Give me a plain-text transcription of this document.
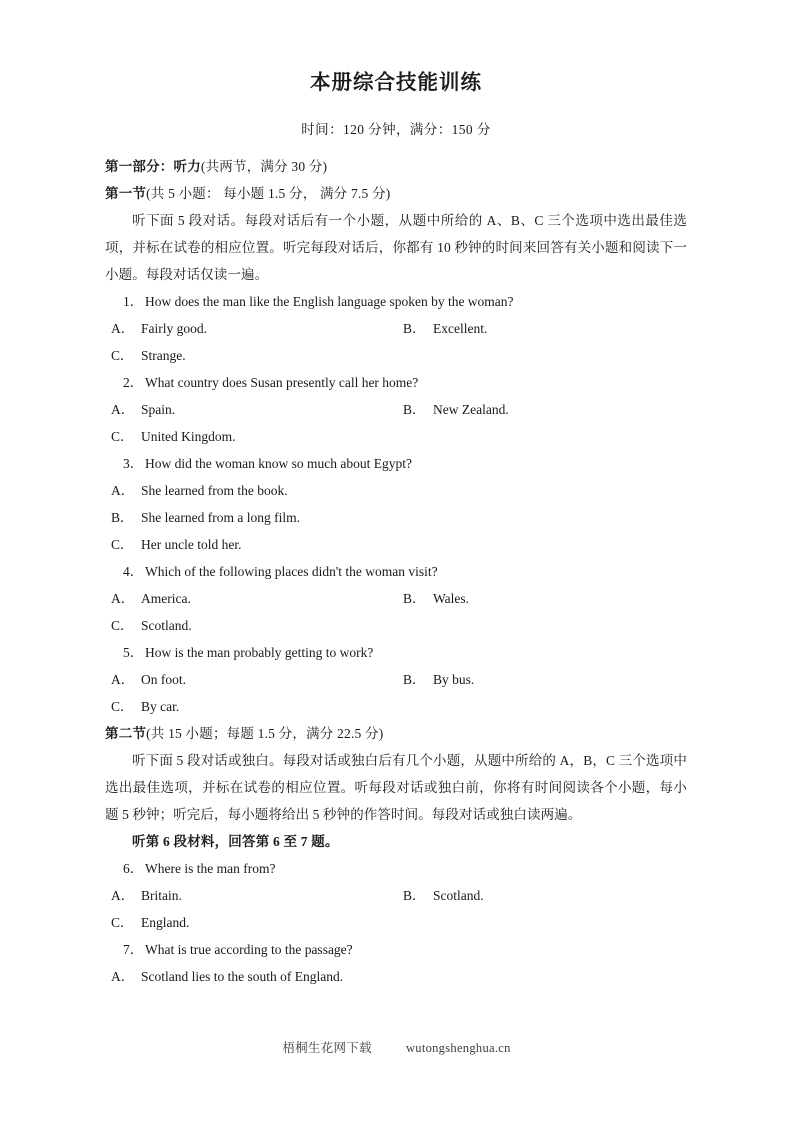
本册综合技能训练
时间：120 分钟，满分：150 分

第一部分：听力(共两节，满分 30 分)

第一节(共 5 小题： 每小题 1.5 分， 满分 7.5 分)

听下面 5 段对话。每段对话后有一个小题，从题中所给的 A、B、C 三个选项中选出最佳选项，并标在试卷的相应位置。听完每段对话后，你都有 10 秒钟的时间来回答有关小题和阅读下一小题。每段对话仅读一遍。

1． How does the man like the English language spoken by the woman?

A． Fairly good.	B． Excellent.
C． Strange.

2． What country does Susan presently call her home?

A． Spain.	B． New Zealand.
C． United Kingdom.

3． How did the woman know so much about Egypt?

A． She learned from the book.
B． She learned from a long film.
C． Her uncle told her.

4． Which of the following places didn't the woman visit?

A． America.	B． Wales.
C． Scotland.

5． How is the man probably getting to work?

A． On foot.	B． By bus.
C． By car.

第二节(共 15 小题；每题 1.5 分，满分 22.5 分)

听下面 5 段对话或独白。每段对话或独白后有几个小题，从题中所给的 A，B，C 三个选项中选出最佳选项，并标在试卷的相应位置。听每段对话或独白前，你将有时间阅读各个小题，每小题 5 秒钟；听完后，每小题将给出 5 秒钟的作答时间。每段对话或独白读两遍。

听第 6 段材料，回答第 6 至 7 题。

6． Where is the man from?

A． Britain.	B． Scotland.
C． England.

7． What is true according to the passage?

A． Scotland lies to the south of England.
梧桐生花网下载	wutongshenghua.cn
